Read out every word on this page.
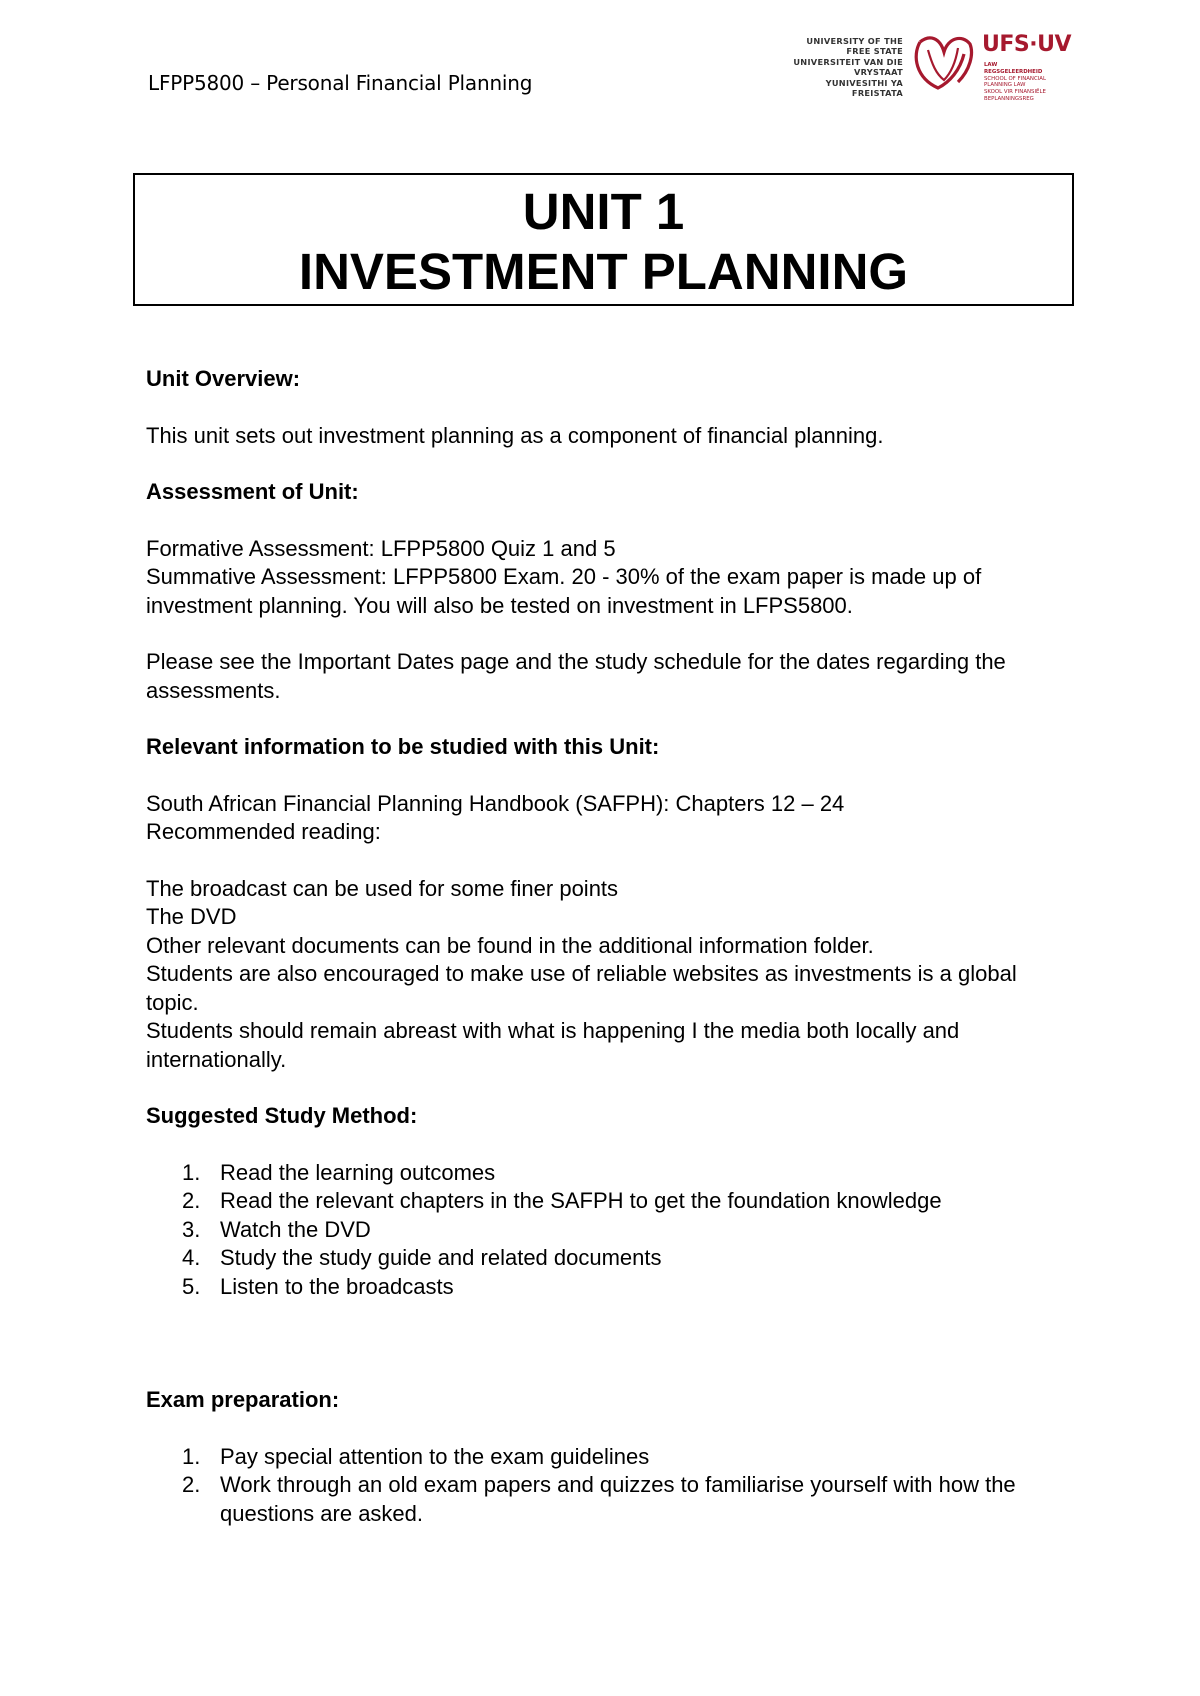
LFPP5800 – Personal Financial Planning
UNIVERSITY OF THE
FREE STATE
UNIVERSITEIT VAN DIE
VRYSTAAT
YUNIVESITHI YA
FREISTATA
UFS·UV
LAW
REGSGELEERDHEID
SCHOOL OF FINANCIAL
PLANNING LAW
SKOOL VIR FINANSIËLE
BEPLANNINGSREG
UNIT 1
INVESTMENT PLANNING

Unit Overview:

This unit sets out investment planning as a component of financial planning.

Assessment of Unit:

Formative Assessment: LFPP5800 Quiz 1 and 5

Summative Assessment: LFPP5800 Exam. 20 - 30% of the exam paper is made up of investment planning. You will also be tested on investment in LFPS5800.

Please see the Important Dates page and the study schedule for the dates regarding the assessments.

Relevant information to be studied with this Unit:

South African Financial Planning Handbook (SAFPH): Chapters 12 – 24

Recommended reading:

The broadcast can be used for some finer points

The DVD

Other relevant documents can be found in the additional information folder.

Students are also encouraged to make use of reliable websites as investments is a global topic.

Students should remain abreast with what is happening I the media both locally and internationally.

Suggested Study Method:

1. Read the learning outcomes
2. Read the relevant chapters in the SAFPH to get the foundation knowledge
3. Watch the DVD
4. Study the study guide and related documents
5. Listen to the broadcasts

Exam preparation:

1. Pay special attention to the exam guidelines
2. Work through an old exam papers and quizzes to familiarise yourself with how the questions are asked.
